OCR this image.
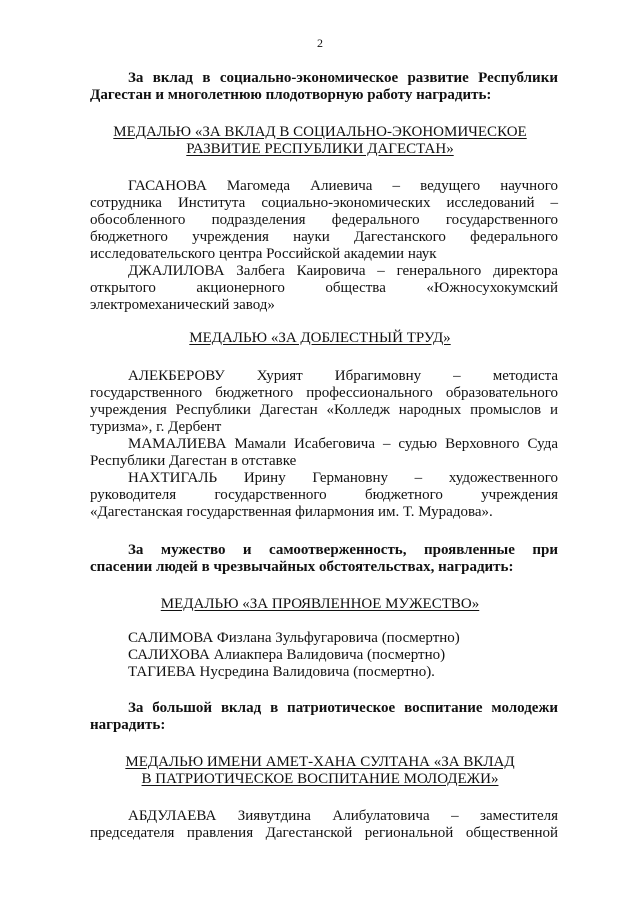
2
За вклад в социально-экономическое развитие Республики
Дагестан и многолетнюю плодотворную работу наградить:
МЕДАЛЬЮ «ЗА ВКЛАД В СОЦИАЛЬНО-ЭКОНОМИЧЕСКОЕ
РАЗВИТИЕ РЕСПУБЛИКИ ДАГЕСТАН»
ГАСАНОВА Магомеда Алиевича – ведущего научного
сотрудника Института социально-экономических исследований –
обособленного подразделения федерального государственного
бюджетного учреждения науки Дагестанского федерального
исследовательского центра Российской академии наук
ДЖАЛИЛОВА Залбега Каировича – генерального директора
открытого акционерного общества «Южносухокумский
электромеханический завод»
МЕДАЛЬЮ «ЗА ДОБЛЕСТНЫЙ ТРУД»
АЛЕКБЕРОВУ Хурият Ибрагимовну – методиста
государственного бюджетного профессионального образовательного
учреждения Республики Дагестан «Колледж народных промыслов и
туризма», г. Дербент
МАМАЛИЕВА Мамали Исабеговича – судью Верховного Суда
Республики Дагестан в отставке
НАХТИГАЛЬ Ирину Германовну – художественного
руководителя государственного бюджетного учреждения
«Дагестанская государственная филармония им. Т. Мурадова».
За мужество и самоотверженность, проявленные при
спасении людей в чрезвычайных обстоятельствах, наградить:
МЕДАЛЬЮ «ЗА ПРОЯВЛЕННОЕ МУЖЕСТВО»
САЛИМОВА Физлана Зульфугаровича (посмертно)
САЛИХОВА Алиакпера Валидовича (посмертно)
ТАГИЕВА Нусредина Валидовича (посмертно).
За большой вклад в патриотическое воспитание молодежи
наградить:
МЕДАЛЬЮ ИМЕНИ АМЕТ-ХАНА СУЛТАНА «ЗА ВКЛАД
В ПАТРИОТИЧЕСКОЕ ВОСПИТАНИЕ МОЛОДЕЖИ»
АБДУЛАЕВА Зиявутдина Алибулатовича – заместителя
председателя правления Дагестанской региональной общественной
